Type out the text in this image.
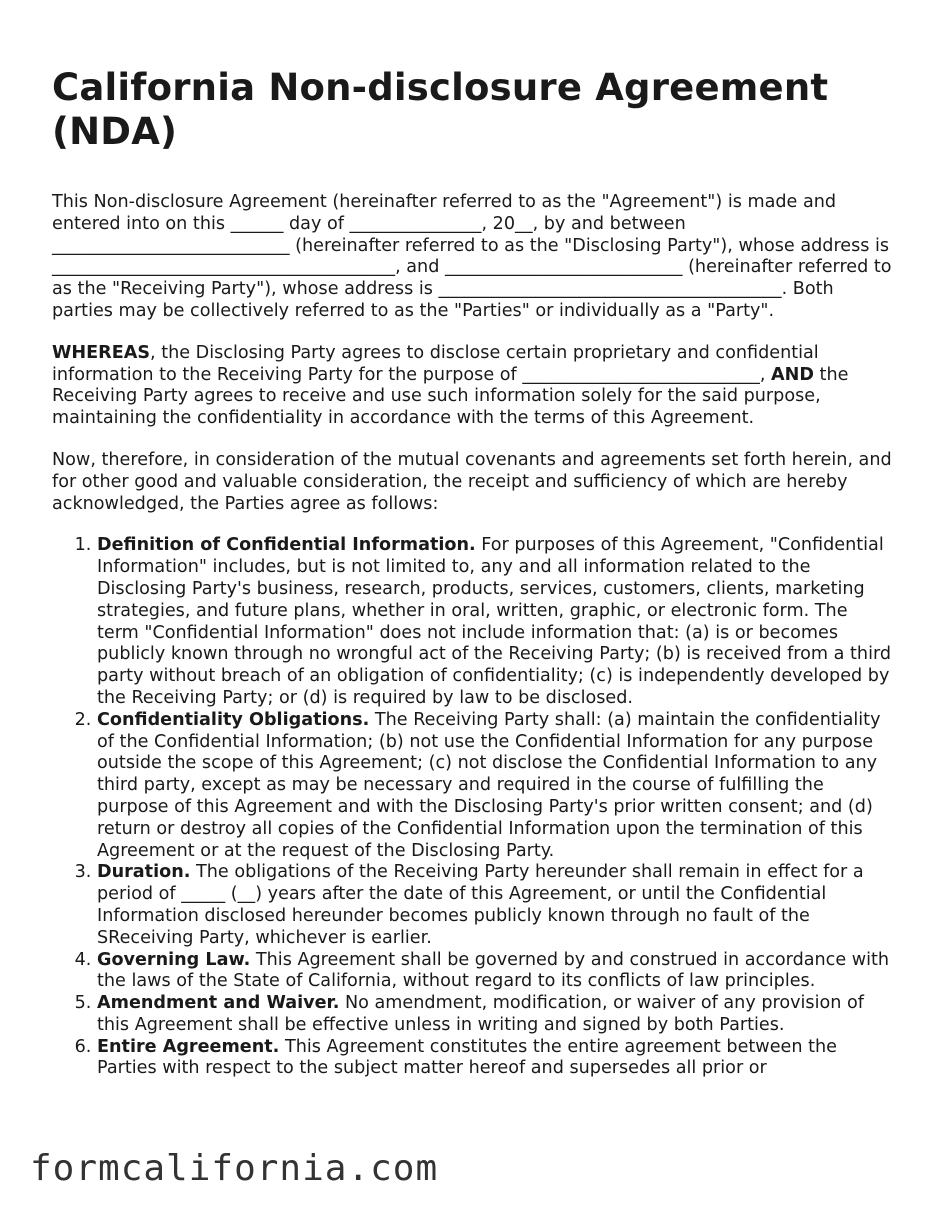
California Non-disclosure Agreement (NDA)

This Non-disclosure Agreement (hereinafter referred to as the "Agreement") is made and entered into on this ______ day of _______________, 20__, by and between ___________________________ (hereinafter referred to as the "Disclosing Party"), whose address is _______________________________________, and ___________________________ (hereinafter referred to as the "Receiving Party"), whose address is _______________________________________. Both parties may be collectively referred to as the "Parties" or individually as a "Party".

WHEREAS, the Disclosing Party agrees to disclose certain proprietary and confidential information to the Receiving Party for the purpose of ___________________________, AND the Receiving Party agrees to receive and use such information solely for the said purpose, maintaining the confidentiality in accordance with the terms of this Agreement.

Now, therefore, in consideration of the mutual covenants and agreements set forth herein, and for other good and valuable consideration, the receipt and sufficiency of which are hereby acknowledged, the Parties agree as follows:

1. Definition of Confidential Information. For purposes of this Agreement, "Confidential Information" includes, but is not limited to, any and all information related to the Disclosing Party's business, research, products, services, customers, clients, marketing strategies, and future plans, whether in oral, written, graphic, or electronic form. The term "Confidential Information" does not include information that: (a) is or becomes publicly known through no wrongful act of the Receiving Party; (b) is received from a third party without breach of an obligation of confidentiality; (c) is independently developed by the Receiving Party; or (d) is required by law to be disclosed.
2. Confidentiality Obligations. The Receiving Party shall: (a) maintain the confidentiality of the Confidential Information; (b) not use the Confidential Information for any purpose outside the scope of this Agreement; (c) not disclose the Confidential Information to any third party, except as may be necessary and required in the course of fulfilling the purpose of this Agreement and with the Disclosing Party's prior written consent; and (d) return or destroy all copies of the Confidential Information upon the termination of this Agreement or at the request of the Disclosing Party.
3. Duration. The obligations of the Receiving Party hereunder shall remain in effect for a period of _____ (__) years after the date of this Agreement, or until the Confidential Information disclosed hereunder becomes publicly known through no fault of the SReceiving Party, whichever is earlier.
4. Governing Law. This Agreement shall be governed by and construed in accordance with the laws of the State of California, without regard to its conflicts of law principles.
5. Amendment and Waiver. No amendment, modification, or waiver of any provision of this Agreement shall be effective unless in writing and signed by both Parties.
6. Entire Agreement. This Agreement constitutes the entire agreement between the Parties with respect to the subject matter hereof and supersedes all prior or
formcalifornia.com
